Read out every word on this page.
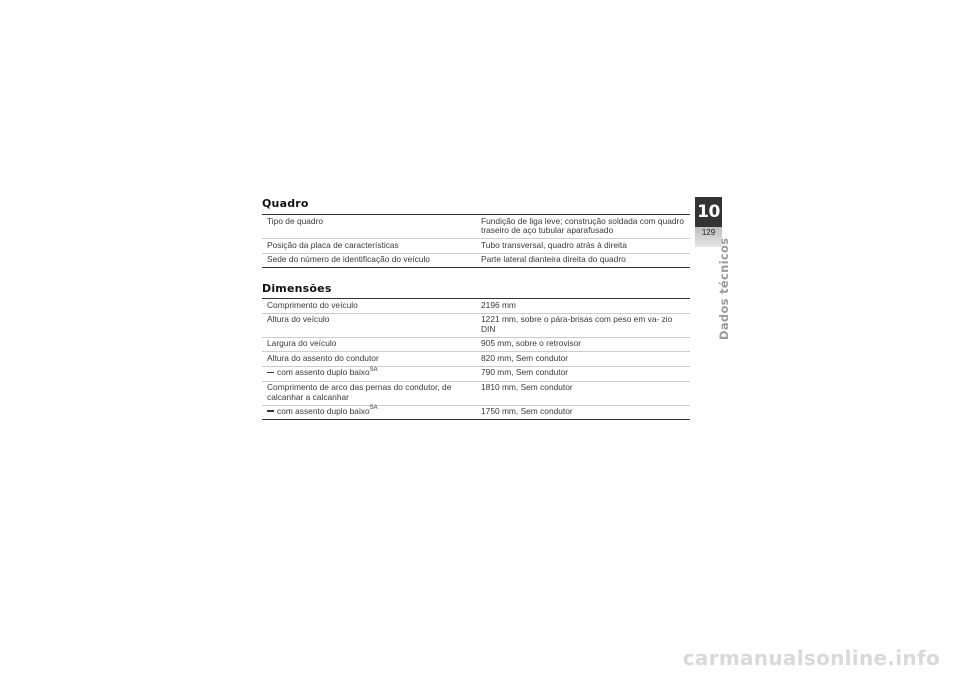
Quadro
Tipo de quadro	Fundição de liga leve; construção soldada com quadro traseiro de aço tubular aparafusado
Posição da placa de características	Tubo transversal, quadro atrás à direita
Sede do número de identificação do veículo	Parte lateral dianteira direita do quadro
Dimensões
Comprimento do veículo	2196 mm
Altura do veículo	1221 mm, sobre o pára-brisas com peso em va- zio DIN
Largura do veículo	905 mm, sobre o retrovisor
Altura do assento do condutor	820 mm, Sem condutor
com assento duplo baixo$^{SA}$	790 mm, Sem condutor
Comprimento de arco das pernas do condutor, de calcanhar a calcanhar	1810 mm, Sem condutor
com assento duplo baixo$^{SA}$	1750 mm, Sem condutor
10
129
Dados técnicos
carmanualsonline.info
